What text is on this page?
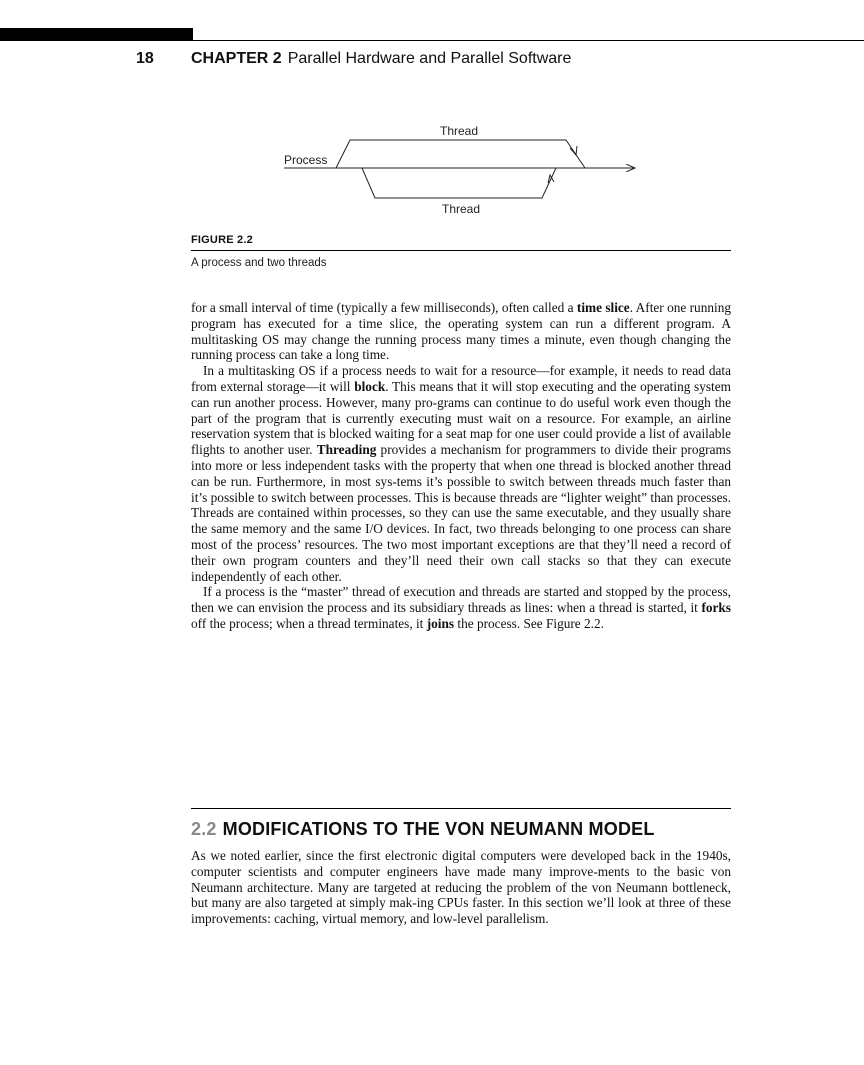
18 CHAPTER 2 Parallel Hardware and Parallel Software
Process
Thread
Thread
FIGURE 2.2
A process and two threads

for a small interval of time (typically a few milliseconds), often called a time slice. After one running program has executed for a time slice, the operating system can run a different program. A multitasking OS may change the running process many times a minute, even though changing the running process can take a long time.

In a multitasking OS if a process needs to wait for a resource—for example, it needs to read data from external storage—it will block. This means that it will stop executing and the operating system can run another process. However, many pro-grams can continue to do useful work even though the part of the program that is currently executing must wait on a resource. For example, an airline reservation system that is blocked waiting for a seat map for one user could provide a list of available flights to another user. Threading provides a mechanism for programmers to divide their programs into more or less independent tasks with the property that when one thread is blocked another thread can be run. Furthermore, in most sys-tems it’s possible to switch between threads much faster than it’s possible to switch between processes. This is because threads are “lighter weight” than processes. Threads are contained within processes, so they can use the same executable, and they usually share the same memory and the same I/O devices. In fact, two threads belonging to one process can share most of the process’ resources. The two most important exceptions are that they’ll need a record of their own program counters and they’ll need their own call stacks so that they can execute independently of each other.

If a process is the “master” thread of execution and threads are started and stopped by the process, then we can envision the process and its subsidiary threads as lines: when a thread is started, it forks off the process; when a thread terminates, it joins the process. See Figure 2.2.

2.2 MODIFICATIONS TO THE VON NEUMANN MODEL

As we noted earlier, since the first electronic digital computers were developed back in the 1940s, computer scientists and computer engineers have made many improve-ments to the basic von Neumann architecture. Many are targeted at reducing the problem of the von Neumann bottleneck, but many are also targeted at simply mak-ing CPUs faster. In this section we’ll look at three of these improvements: caching, virtual memory, and low-level parallelism.
